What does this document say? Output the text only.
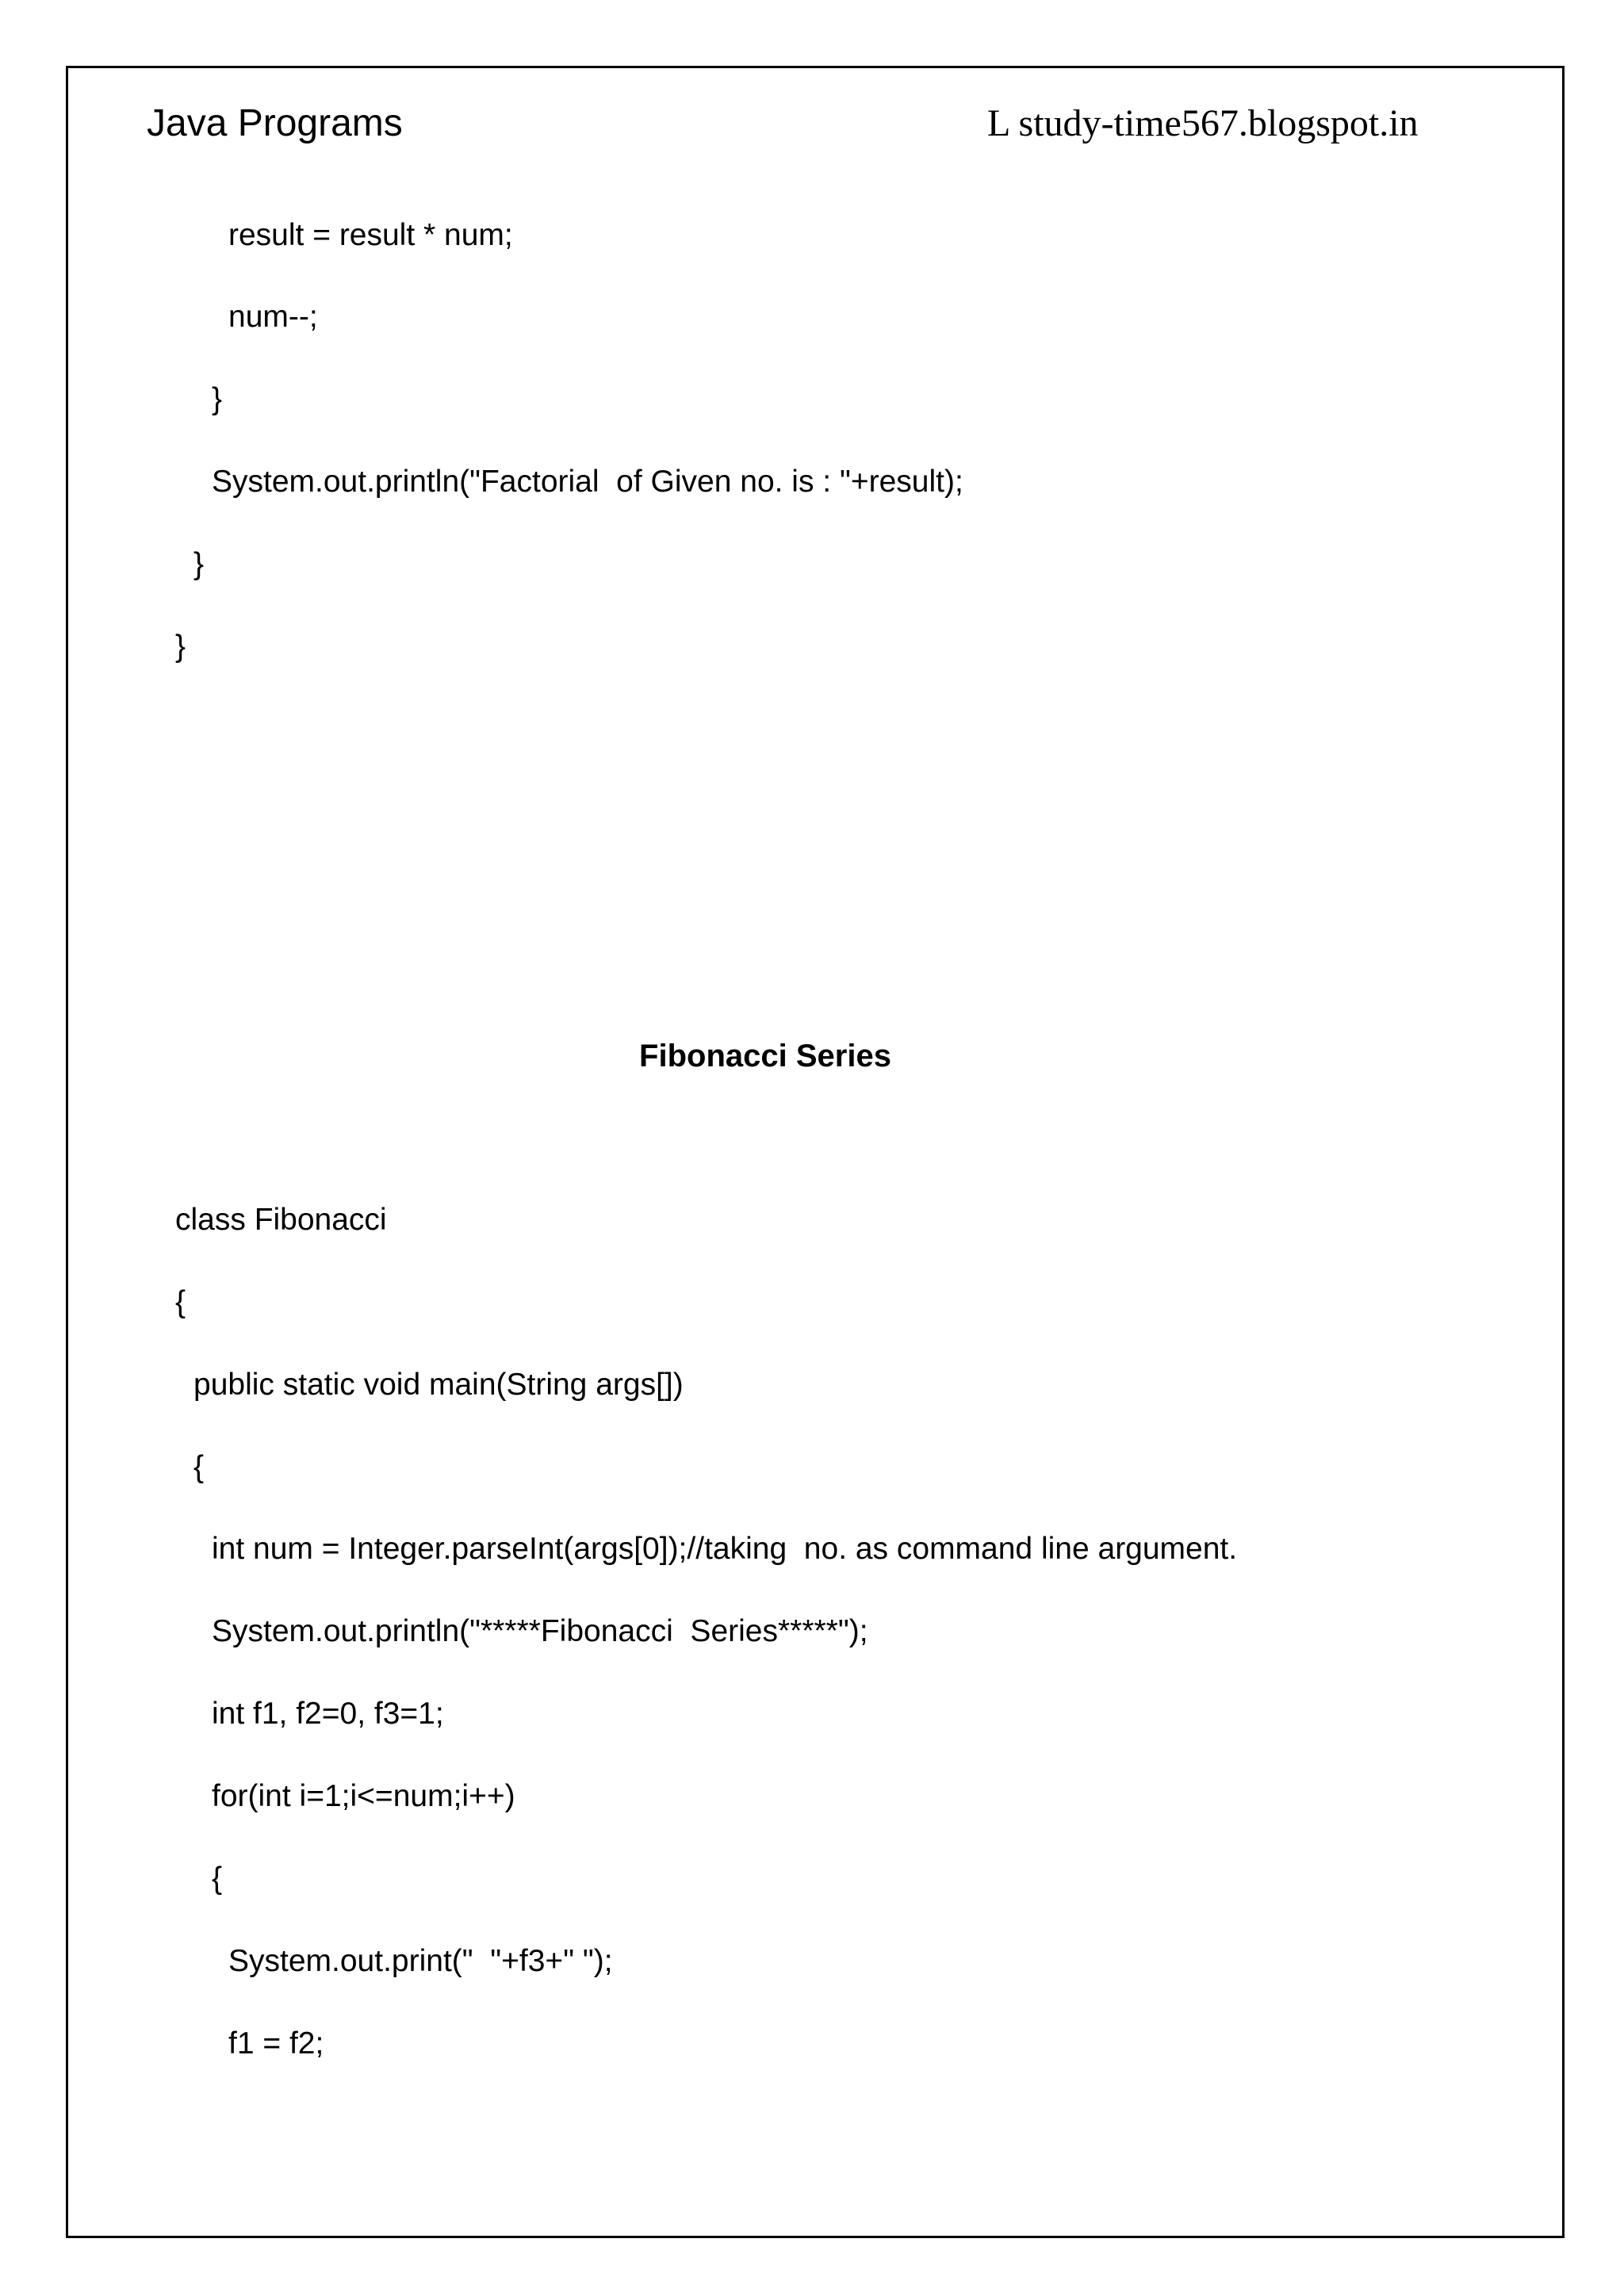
Java Programs	L study-time567.blogspot.in
result = result * num;
num--;
}
System.out.println("Factorial  of Given no. is : "+result);
}
}
Fibonacci Series
class Fibonacci
{
public static void main(String args[])
{
int num = Integer.parseInt(args[0]);//taking  no. as command line argument.
System.out.println("*****Fibonacci  Series*****");
int f1, f2=0, f3=1;
for(int i=1;i<=num;i++)
{
System.out.print("  "+f3+" ");
f1 = f2;
